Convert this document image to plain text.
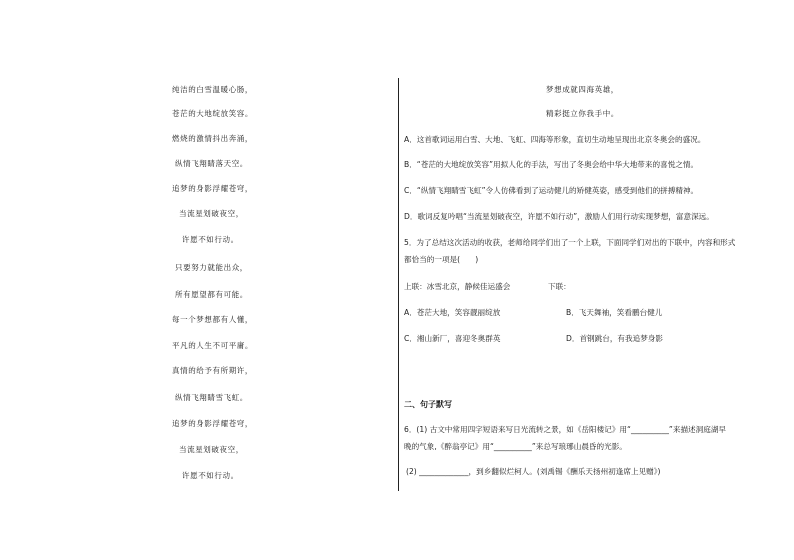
纯洁的白雪温暖心肠，
苍茫的大地绽放笑容。
燃烧的激情抖出奔涌，
纵情飞翔睛落天空。
追梦的身影浮耀苍穹，
当流星划破夜空，
许愿不如行动。
只要努力就能出众，
所有愿望都有可能。
每一个梦想都有人懂，
平凡的人生不可平庸。
真情的给予有所期许，
纵情飞翔睛雪飞虹。
追梦的身影浮耀苍穹，
当流星划破夜空，
许愿不如行动。
梦想成就四海英雄，
精彩挺立你我手中。
A．这首歌词运用白雪、大地、飞虹、四海等形象，直切生动地呈现出北京冬奥会的盛况。
B．“苍茫的大地绽放笑容”用拟人化的手法，写出了冬奥会给中华大地带来的喜悦之情。
C．“纵情飞翔睛雪飞虹”令人仿佛看到了运动健儿的矫健英姿，感受到他们的拼搏精神。
D．歌词反复吟唱“当流星划破夜空，许愿不如行动”，激励人们用行动实现梦想，富意深远。
5．为了总结这次活动的收获，老师给同学们出了一个上联，下面同学们对出的下联中，内容和形式
都恰当的一项是(　　)
上联：冰雪北京，静候佳运盛会	下联：
A．苍茫大地，笑容靓丽绽放	B．飞天舞袖，笑看鹏台健儿
C．湘山新厂，喜迎冬奥群英	D．首钢跳台，有我追梦身影
二、句子默写
6．(1) 古文中常用四字短语来写日光流转之景，如《岳阳楼记》用“__________”来描述洞庭湖早
晚的气象,《醉翁亭记》用“__________”来总写琅琊山晨昏的光影。
(2) _____________，到乡翻似烂柯人。(刘禹锡《酬乐天扬州初逢席上见赠》)
